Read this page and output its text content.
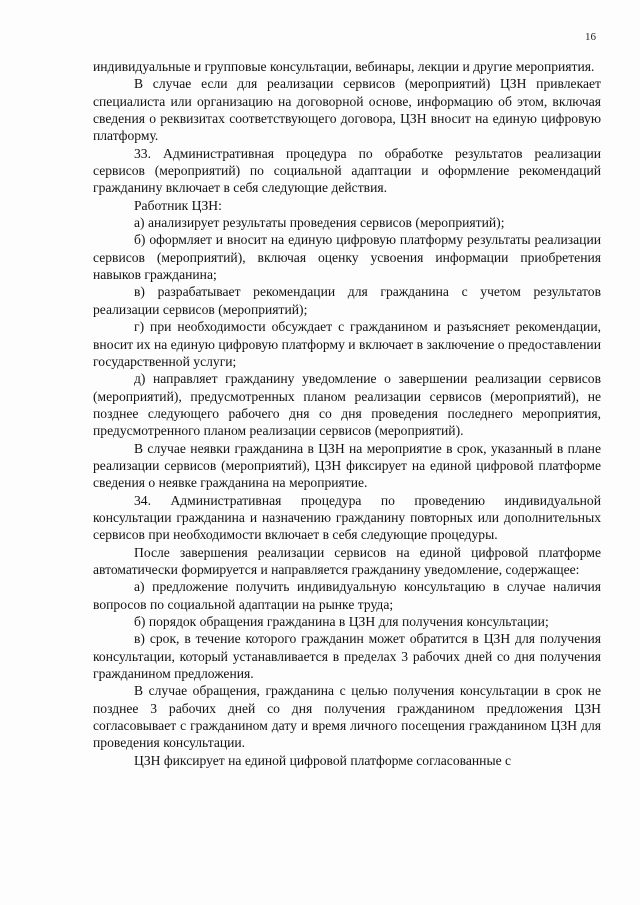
16

индивидуальные и групповые консультации, вебинары, лекции и другие мероприятия.

В случае если для реализации сервисов (мероприятий) ЦЗН привлекает специалиста или организацию на договорной основе, информацию об этом, включая сведения о реквизитах соответствующего договора, ЦЗН вносит на единую цифровую платформу.

33. Административная процедура по обработке результатов реализации сервисов (мероприятий) по социальной адаптации и оформление рекомендаций гражданину включает в себя следующие действия.

Работник ЦЗН:

а) анализирует результаты проведения сервисов (мероприятий);

б) оформляет и вносит на единую цифровую платформу результаты реализации сервисов (мероприятий), включая оценку усвоения информации приобретения навыков гражданина;

в) разрабатывает рекомендации для гражданина с учетом результатов реализации сервисов (мероприятий);

г) при необходимости обсуждает с гражданином и разъясняет рекомендации, вносит их на единую цифровую платформу и включает в заключение о предоставлении государственной услуги;

д) направляет гражданину уведомление о завершении реализации сервисов (мероприятий), предусмотренных планом реализации сервисов (мероприятий), не позднее следующего рабочего дня со дня проведения последнего мероприятия, предусмотренного планом реализации сервисов (мероприятий).

В случае неявки гражданина в ЦЗН на мероприятие в срок, указанный в плане реализации сервисов (мероприятий), ЦЗН фиксирует на единой цифровой платформе сведения о неявке гражданина на мероприятие.

34. Административная процедура по проведению индивидуальной консультации гражданина и назначению гражданину повторных или дополнительных сервисов при необходимости включает в себя следующие процедуры.

После завершения реализации сервисов на единой цифровой платформе автоматически формируется и направляется гражданину уведомление, содержащее:

а) предложение получить индивидуальную консультацию в случае наличия вопросов по социальной адаптации на рынке труда;

б) порядок обращения гражданина в ЦЗН для получения консультации;

в) срок, в течение которого гражданин может обратится в ЦЗН для получения консультации, который устанавливается в пределах 3 рабочих дней со дня получения гражданином предложения.

В случае обращения, гражданина с целью получения консультации в срок не позднее 3 рабочих дней со дня получения гражданином предложения ЦЗН согласовывает с гражданином дату и время личного посещения гражданином ЦЗН для проведения консультации.

ЦЗН фиксирует на единой цифровой платформе согласованные с
